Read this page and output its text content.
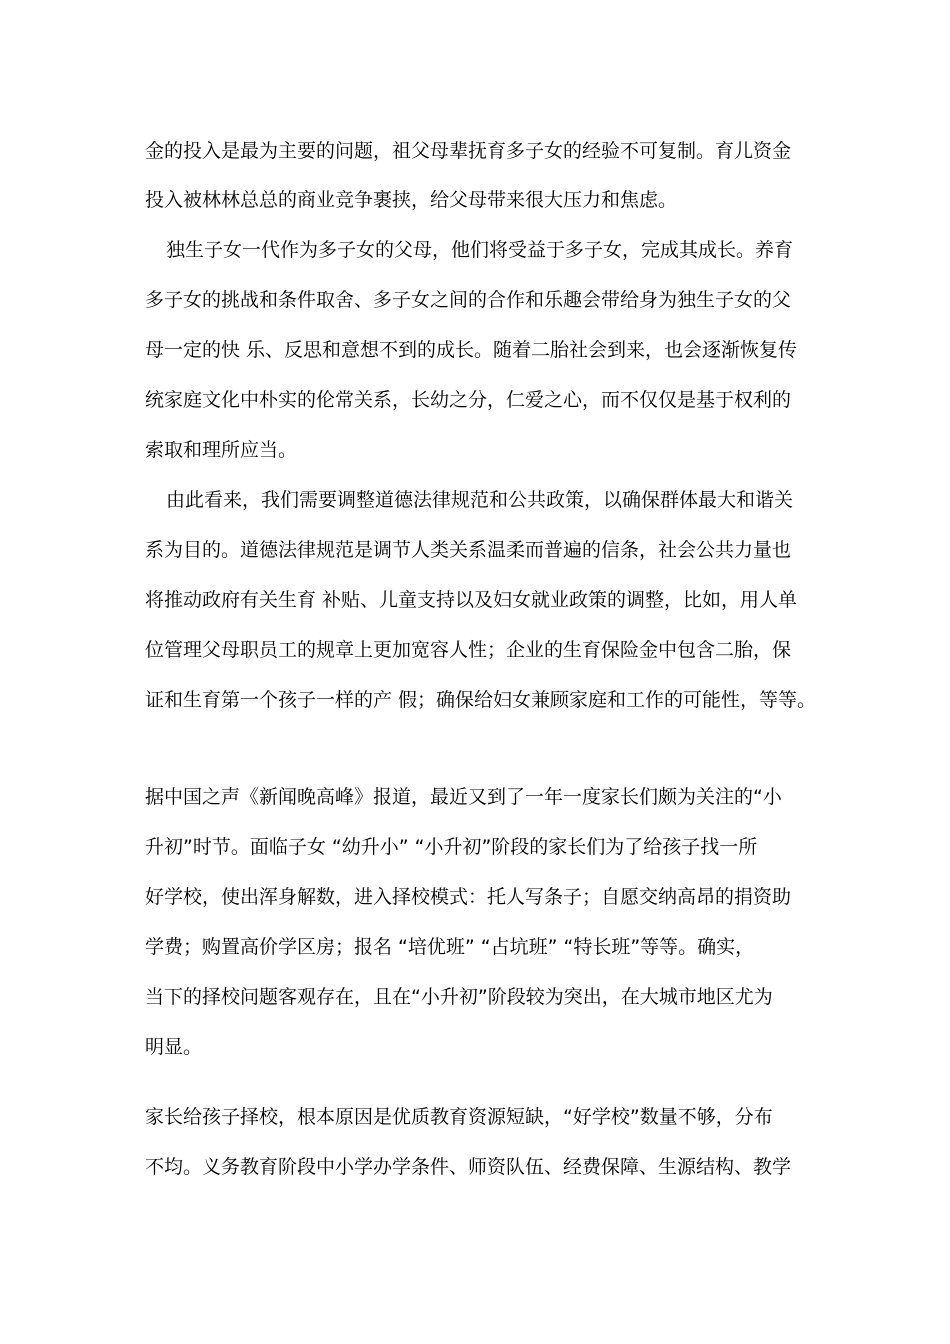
金的投入是最为主要的问题，祖父母辈抚育多子女的经验不可复制。育儿资金
投入被林林总总的商业竞争裹挟，给父母带来很大压力和焦虑。
独生子女一代作为多子女的父母，他们将受益于多子女，完成其成长。养育
多子女的挑战和条件取舍、多子女之间的合作和乐趣会带给身为独生子女的父
母一定的快 乐、反思和意想不到的成长。随着二胎社会到来，也会逐渐恢复传
统家庭文化中朴实的伦常关系，长幼之分，仁爱之心，而不仅仅是基于权利的
索取和理所应当。
由此看来，我们需要调整道德法律规范和公共政策，以确保群体最大和谐关
系为目的。道德法律规范是调节人类关系温柔而普遍的信条，社会公共力量也
将推动政府有关生育 补贴、儿童支持以及妇女就业政策的调整，比如，用人单
位管理父母职员工的规章上更加宽容人性；企业的生育保险金中包含二胎，保
证和生育第一个孩子一样的产 假；确保给妇女兼顾家庭和工作的可能性，等等。
据中国之声《新闻晚高峰》报道，最近又到了一年一度家长们颇为关注的“小
升初”时节。面临子女 “幼升小” “小升初”阶段的家长们为了给孩子找一所
好学校，使出浑身解数，进入择校模式：托人写条子；自愿交纳高昂的捐资助
学费；购置高价学区房；报名 “培优班” “占坑班” “特长班”等等。确实，
当下的择校问题客观存在，且在“小升初”阶段较为突出，在大城市地区尤为
明显。
家长给孩子择校，根本原因是优质教育资源短缺，“好学校”数量不够，分布
不均。义务教育阶段中小学办学条件、师资队伍、经费保障、生源结构、教学
